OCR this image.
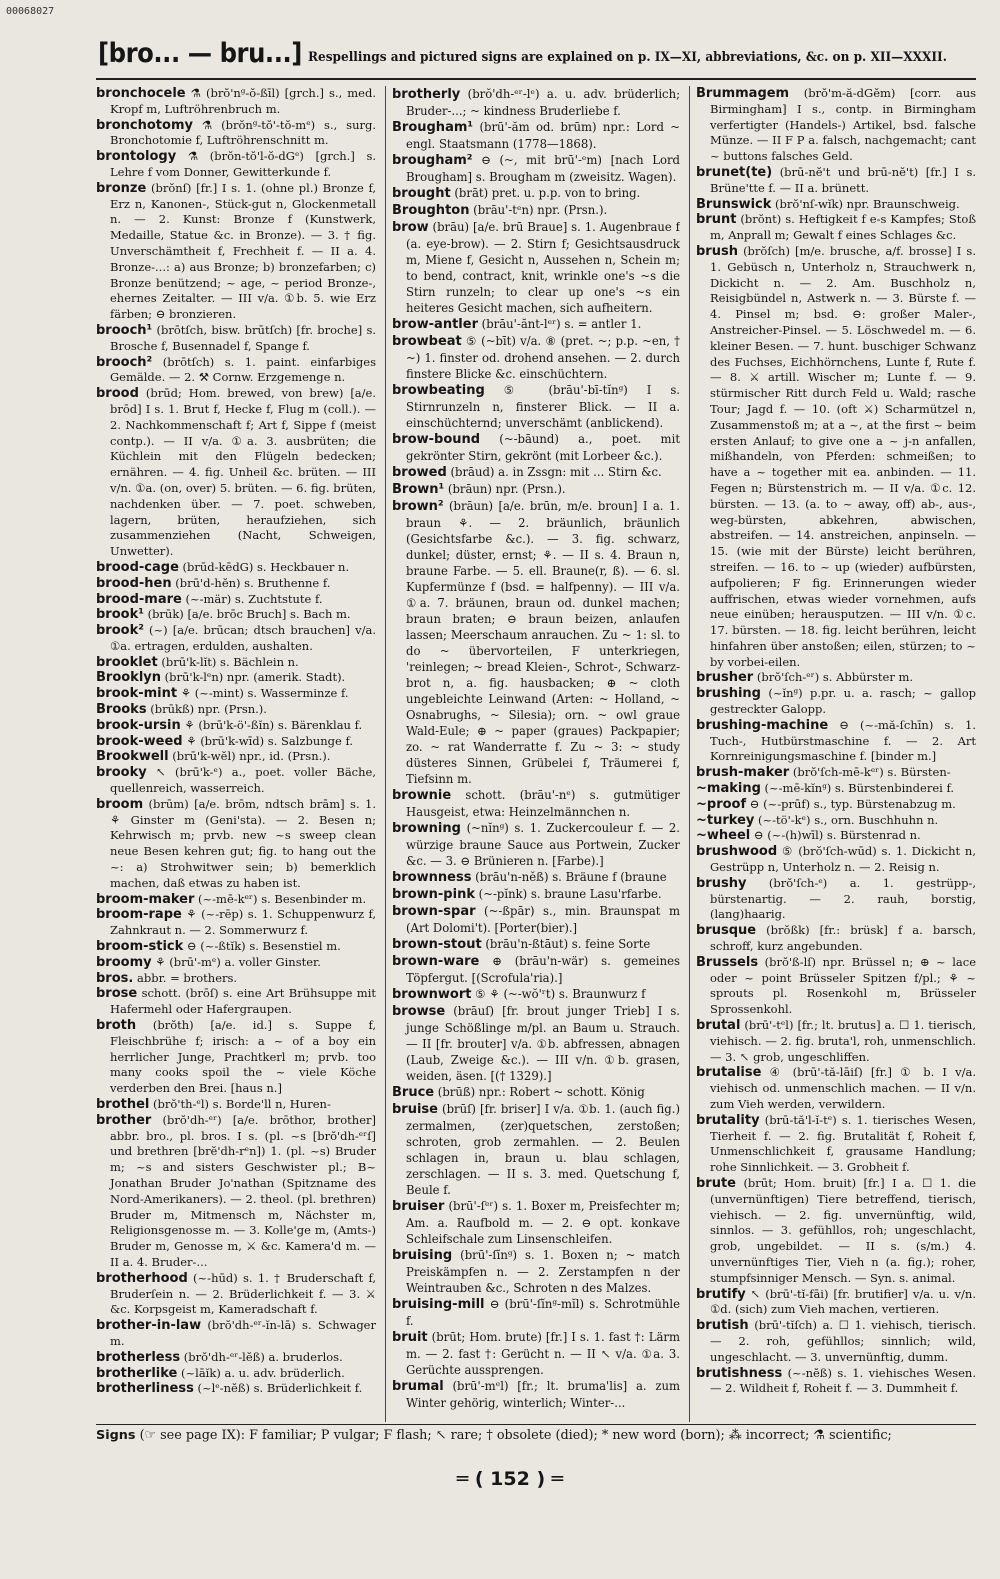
00068027
[bro... — bru...] Respellings and pictured signs are explained on p. IX—XI, abbreviations, &c. on p. XII—XXXII.

bronchocele ⚗ (brŏ'nᵍ-ŏ-ßīl) [grch.] s., med. Kropf m, Luftröhrenbruch m.

bronchotomy ⚗ (brŏnᵍ-tŏ'-tŏ-mᵉ) s., surg. Bronchotomie f, Luftröhrenschnitt m.

brontology ⚗ (brŏn-tŏ'l-ŏ-dGᵉ) [grch.] s. Lehre f vom Donner, Gewitterkunde f.

bronze (brŏnſ) [fr.] I s. 1. (ohne pl.) Bronze f, Erz n, Kanonen-, Stück-gut n, Glockenmetall n. — 2. Kunst: Bronze f (Kunstwerk, Medaille, Statue &c. in Bronze). — 3. † fig. Unverschämtheit f, Frechheit f. — II a. 4. Bronze-...: a) aus Bronze; b) bronzefarben; c) Bronze benützend; ~ age, ~ period Bronze-, ehernes Zeitalter. — III v/a. ①b. 5. wie Erz färben; ⊖ bronzieren.

brooch¹ (brōtſch, bisw. brūtſch) [fr. broche] s. Brosche f, Busennadel f, Spange f.

brooch² (brōtſch) s. 1. paint. einfarbiges Gemälde. — 2. ⚒ Cornw. Erzgemenge n.

brood (brūd; Hom. brewed, von brew) [a/e. brōd] I s. 1. Brut f, Hecke f, Flug m (coll.). — 2. Nachkommenschaft f; Art f, Sippe f (meist contp.). — II v/a. ①a. 3. ausbrüten; die Küchlein mit den Flügeln bedecken; ernähren. — 4. fig. Unheil &c. brüten. — III v/n. ①a. (on, over) 5. brüten. — 6. fig. brüten, nachdenken über. — 7. poet. schweben, lagern, brüten, heraufziehen, sich zusammenziehen (Nacht, Schweigen, Unwetter).

brood-cage (brūd-kēdG) s. Heckbauer n.

brood-hen (brū'd-hĕn) s. Bruthenne f.

brood-mare (~-mär) s. Zuchtstute f.

brook¹ (brūk) [a/e. brōc Bruch] s. Bach m.

brook² (~) [a/e. brūcan; dtsch brauchen] v/a. ①a. ertragen, erdulden, aushalten.

brooklet (brū'k-lĭt) s. Bächlein n.

Brooklyn (brū'k-lᵉn) npr. (amerik. Stadt).

brook-mint ⚘ (~-mint) s. Wasserminze f.

Brooks (brūkß) npr. (Prsn.).

brook-ursin ⚘ (brū'k-ö'-ßĭn) s. Bärenklau f.

brook-weed ⚘ (brū'k-wīd) s. Salzbunge f.

Brookwell (brū'k-wĕl) npr., id. (Prsn.).

brooky ↖ (brū'k-ᵉ) a., poet. voller Bäche, quellenreich, wasserreich.

broom (brūm) [a/e. brōm, ndtsch brām] s. 1. ⚘ Ginster m (Geni'sta). — 2. Besen n; Kehrwisch m; prvb. new ~s sweep clean neue Besen kehren gut; fig. to hang out the ~: a) Strohwitwer sein; b) bemerklich machen, daß etwas zu haben ist.

broom-maker (~-mē-kᵉʳ) s. Besenbinder m.

broom-rape ⚘ (~-rēp) s. 1. Schuppenwurz f, Zahnkraut n. — 2. Sommerwurz f.

broom-stick ⊖ (~-ßtĭk) s. Besenstiel m.

broomy ⚘ (brū'-mᵉ) a. voller Ginster.

bros. abbr. = brothers.

brose schott. (brōſ) s. eine Art Brühsuppe mit Hafermehl oder Hafergraupen.

broth (brŏth) [a/e. id.] s. Suppe f, Fleischbrühe f; irisch: a ~ of a boy ein herrlicher Junge, Prachtkerl m; prvb. too many cooks spoil the ~ viele Köche verderben den Brei. [haus n.]

brothel (brŏ'th-ᵉl) s. Borde'll n, Huren-

brother (brŏ'dh-ᵉʳ) [a/e. brōthor, brother] abbr. bro., pl. bros. I s. (pl. ~s [brŏ'dh-ᵉʳſ] und brethren [brĕ'dh-rᵉn]) 1. (pl. ~s) Bruder m; ~s and sisters Geschwister pl.; B~ Jonathan Bruder Jo'nathan (Spitzname des Nord-Amerikaners). — 2. theol. (pl. brethren) Bruder m, Mitmensch m, Nächster m, Religionsgenosse m. — 3. Kolle'ge m, (Amts-) Bruder m, Genosse m, ⚔ &c. Kamera'd m. — II a. 4. Bruder-...

brotherhood (~-hūd) s. 1. † Bruderschaft f, Bruderſein n. — 2. Brüderlichkeit f. — 3. ⚔ &c. Korpsgeist m, Kameradschaft f.

brother-in-law (brŏ'dh-ᵉʳ-ĭn-lā) s. Schwager m.

brotherless (brŏ'dh-ᵉʳ-lĕß) a. bruderlos.

brotherlike (~lāĭk) a. u. adv. brüderlich.

brotherliness (~lᵉ-nĕß) s. Brüderlichkeit f.

brotherly (brŏ'dh-ᵉʳ-lᵉ) a. u. adv. brüderlich; Bruder-...; ~ kindness Bruderliebe f.

Brougham¹ (brū'-ăm od. brūm) npr.: Lord ~ engl. Staatsmann (1778—1868).

brougham² ⊖ (~, mit brū'-ᵉm) [nach Lord Brougham] s. Brougham m (zweisitz. Wagen).

brought (brāt) pret. u. p.p. von to bring.

Broughton (brāu'-tᵉn) npr. (Prsn.).

brow (brāu) [a/e. brū Braue] s. 1. Augenbraue f (a. eye-brow). — 2. Stirn f; Gesichtsausdruck m, Miene f, Gesicht n, Aussehen n, Schein m; to bend, contract, knit, wrinkle one's ~s die Stirn runzeln; to clear up one's ~s ein heiteres Gesicht machen, sich aufheitern.

brow-antler (brāu'-ănt-lᵉʳ) s. = antler 1.

browbeat ⑤ (~bīt) v/a. ⑧ (pret. ~; p.p. ~en, † ~) 1. finster od. drohend ansehen. — 2. durch finstere Blicke &c. einschüchtern.

browbeating ⑤ (brāu'-bī-tĭnᵍ) I s. Stirnrunzeln n, finsterer Blick. — II a. einschüchternd; unverschämt (anblickend).

brow-bound (~-bāund) a., poet. mit gekrönter Stirn, gekrönt (mit Lorbeer &c.).

browed (brāud) a. in Zssgn: mit ... Stirn &c.

Brown¹ (brāun) npr. (Prsn.).

brown² (brāun) [a/e. brūn, m/e. broun] I a. 1. braun ⚘. — 2. bräunlich, bräunlich (Gesichtsfarbe &c.). — 3. fig. schwarz, dunkel; düster, ernst; ⚘. — II s. 4. Braun n, braune Farbe. — 5. ell. Braune(r, ß). — 6. sl. Kupfermünze f (bsd. = halfpenny). — III v/a. ①a. 7. bräunen, braun od. dunkel machen; braun braten; ⊖ braun beizen, anlaufen lassen; Meerschaum anrauchen. Zu ~ 1: sl. to do ~ übervorteilen, F unterkriegen, 'reinlegen; ~ bread Kleien-, Schrot-, Schwarz-brot n, a. fig. hausbacken; ⊕ ~ cloth ungebleichte Leinwand (Arten: ~ Holland, ~ Osnabrughs, ~ Silesia); orn. ~ owl graue Wald-Eule; ⊕ ~ paper (graues) Packpapier; zo. ~ rat Wanderratte f. Zu ~ 3: ~ study düsteres Sinnen, Grübelei f, Träumerei f, Tiefsinn m.

brownie schott. (brāu'-nᵉ) s. gutmütiger Hausgeist, etwa: Heinzelmännchen n.

browning (~nĭnᵍ) s. 1. Zuckercouleur f. — 2. würzige braune Sauce aus Portwein, Zucker &c. — 3. ⊖ Brünieren n. [Farbe).]

brownness (brāu'n-nĕß) s. Bräune f (braune

brown-pink (~-pĭnk) s. braune Lasu'rfarbe.

brown-spar (~-ßpār) s., min. Braunspat m (Art Dolomi't). [Porter(bier).]

brown-stout (brāu'n-ßtāut) s. feine Sorte

brown-ware ⊕ (brāu'n-wär) s. gemeines Töpfergut. [(Scrofula'ria).]

brownwort ⑤ ⚘ (~-wŏ'ʳt) s. Braunwurz f

browse (brāuſ) [fr. brout junger Trieb] I s. junge Schößlinge m/pl. an Baum u. Strauch. — II [fr. brouter] v/a. ①b. abfressen, abnagen (Laub, Zweige &c.). — III v/n. ①b. grasen, weiden, äsen. [(† 1329).]

Bruce (brūß) npr.: Robert ~ schott. König

bruise (brūſ) [fr. briser] I v/a. ①b. 1. (auch fig.) zermalmen, (zer)quetschen, zerstoßen; schroten, grob zermahlen. — 2. Beulen schlagen in, braun u. blau schlagen, zerschlagen. — II s. 3. med. Quetschung f, Beule f.

bruiser (brū'-ſᵉʳ) s. 1. Boxer m, Preisfechter m; Am. a. Raufbold m. — 2. ⊖ opt. konkave Schleifschale zum Linsenschleifen.

bruising (brū'-ſĭnᵍ) s. 1. Boxen n; ~ match Preiskämpfen n. — 2. Zerstampfen n der Weintrauben &c., Schroten n des Malzes.

bruising-mill ⊖ (brū'-ſĭnᵍ-mĭl) s. Schrotmühle f.

bruit (brūt; Hom. brute) [fr.] I s. 1. fast †: Lärm m. — 2. fast †: Gerücht n. — II ↖ v/a. ①a. 3. Gerüchte aussprengen.

brumal (brū'-mᵉl) [fr.; lt. bruma'lis] a. zum Winter gehörig, winterlich; Winter-...

Brummagem (brŏ'm-ă-dGĕm) [corr. aus Birmingham] I s., contp. in Birmingham verfertigter (Handels-) Artikel, bsd. falsche Münze. — II F P a. falsch, nachgemacht; cant ~ buttons falsches Geld.

brunet(te) (brū-nĕ't und brū-nĕ't) [fr.] I s. Brüne'tte f. — II a. brünett.

Brunswick (brŏ'nſ-wĭk) npr. Braunschweig.

brunt (brŏnt) s. Heftigkeit f e-s Kampfes; Stoß m, Anprall m; Gewalt f eines Schlages &c.

brush (brŏſch) [m/e. brusche, a/f. brosse] I s. 1. Gebüsch n, Unterholz n, Strauchwerk n, Dickicht n. — 2. Am. Buschholz n, Reisigbündel n, Astwerk n. — 3. Bürste f. — 4. Pinsel m; bsd. ⊖: großer Maler-, Anstreicher-Pinsel. — 5. Löschwedel m. — 6. kleiner Besen. — 7. hunt. buschiger Schwanz des Fuchses, Eichhörnchens, Lunte f, Rute f. — 8. ⚔ artill. Wischer m; Lunte f. — 9. stürmischer Ritt durch Feld u. Wald; rasche Tour; Jagd f. — 10. (oft ⚔) Scharmützel n, Zusammenstoß m; at a ~, at the first ~ beim ersten Anlauf; to give one a ~ j-n anfallen, mißhandeln, von Pferden: schmeißen; to have a ~ together mit ea. anbinden. — 11. Fegen n; Bürstenstrich m. — II v/a. ①c. 12. bürsten. — 13. (a. to ~ away, off) ab-, aus-, weg-bürsten, abkehren, abwischen, abstreifen. — 14. anstreichen, anpinseln. — 15. (wie mit der Bürste) leicht berühren, streifen. — 16. to ~ up (wieder) aufbürsten, aufpolieren; F fig. Erinnerungen wieder auffrischen, etwas wieder vornehmen, aufs neue einüben; herausputzen. — III v/n. ①c. 17. bürsten. — 18. fig. leicht berühren, leicht hinfahren über anstoßen; eilen, stürzen; to ~ by vorbei-eilen.

brusher (brŏ'ſch-ᵉʳ) s. Abbürster m.

brushing (~ĭnᵍ) p.pr. u. a. rasch; ~ gallop gestreckter Galopp.

brushing-machine ⊖ (~-mă-ſchīn) s. 1. Tuch-, Hutbürstmaschine f. — 2. Art Kornreinigungsmaschine f. [binder m.]

brush-maker (brŏ'ſch-mē-kᵉʳ) s. Bürsten-

~making (~-mē-kĭnᵍ) s. Bürstenbinderei f.

~proof ⊖ (~-prūf) s., typ. Bürstenabzug m.

~turkey (~-tö'-kᵉ) s., orn. Buschhuhn n.

~wheel ⊖ (~-(h)wīl) s. Bürstenrad n.

brushwood ⑤ (brŏ'ſch-wūd) s. 1. Dickicht n, Gestrüpp n, Unterholz n. — 2. Reisig n.

brushy (brŏ'ſch-ᵉ) a. 1. gestrüpp-, bürstenartig. — 2. rauh, borstig, (lang)haarig.

brusque (brŏßk) [fr.: brüsk] f a. barsch, schroff, kurz angebunden.

Brussels (brŏ'ß-lſ) npr. Brüssel n; ⊕ ~ lace oder ~ point Brüsseler Spitzen f/pl.; ⚘ ~ sprouts pl. Rosenkohl m, Brüsseler Sprossenkohl.

brutal (brū'-tᵉl) [fr.; lt. brutus] a. ☐ 1. tierisch, viehisch. — 2. fig. bruta'l, roh, unmenschlich. — 3. ↖ grob, ungeschliffen.

brutalise ④ (brū'-tă-lāiſ) [fr.] ① b. I v/a. viehisch od. unmenschlich machen. — II v/n. zum Vieh werden, verwildern.

brutality (brū-tă'l-ĭ-tᵉ) s. 1. tierisches Wesen, Tierheit f. — 2. fig. Brutalität f, Roheit f, Unmenschlichkeit f, grausame Handlung; rohe Sinnlichkeit. — 3. Grobheit f.

brute (brūt; Hom. bruit) [fr.] I a. ☐ 1. die (unvernünftigen) Tiere betreffend, tierisch, viehisch. — 2. fig. unvernünftig, wild, sinnlos. — 3. gefühllos, roh; ungeschlacht, grob, ungebildet. — II s. (s/m.) 4. unvernünftiges Tier, Vieh n (a. fig.); roher, stumpfsinniger Mensch. — Syn. s. animal.

brutify ↖ (brū'-tĭ-fāi) [fr. brutifier] v/a. u. v/n. ①d. (sich) zum Vieh machen, vertieren.

brutish (brū'-tĭſch) a. ☐ 1. viehisch, tierisch. — 2. roh, gefühllos; sinnlich; wild, ungeschlacht. — 3. unvernünftig, dumm.

brutishness (~-nĕß) s. 1. viehisches Wesen. — 2. Wildheit f, Roheit f. — 3. Dummheit f.

Signs (☞ see page IX): F familiar; P vulgar; Ϝ flash; ↖ rare; † obsolete (died); * new word (born); ⁂ incorrect; ⚗ scientific;
═ ( 152 ) ═
